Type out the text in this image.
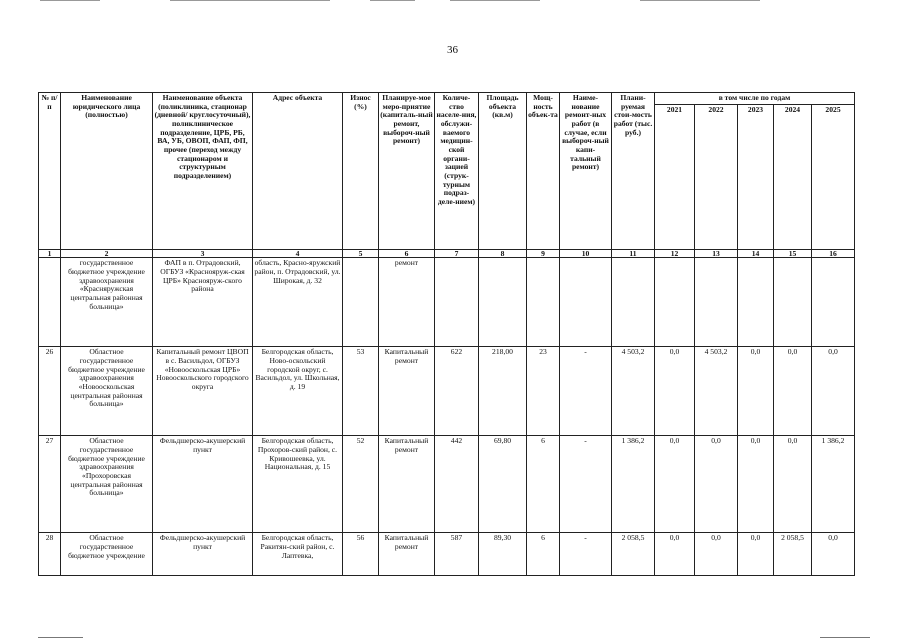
36
№ п/п	Наименование юридического лица (полностью)	Наименование объекта (поликлиника, стационар (дневной/ круглосуточный), поликлиническое подразделение, ЦРБ, РБ, ВА, УБ, ОВОП, ФАП, ФП, прочее (переход между стационаром и структурным подразделением)	Адрес объекта	Износ (%)	Планируе-мое меро-приятие (капиталь-ный ремонт, выбороч-ный ремонт)	Количе-ство населе-ния, обслужи-ваемого медицин-ской органи-зацией (струк-турным подраз-деле-нием)	Площадь объекта (кв.м)	Мощ-ность объек-та	Наиме-нование ремонт-ных работ (в случае, если выбороч-ный капи-тальный ремонт)	Плани-руемая стои-мость работ (тыс. руб.)	в том числе по годам				
											2021	2022	2023	2024	2025
1	2	3	4	5	6	7	8	9	10	11	12	13	14	15	16
	государственное бюджетное учреждение здравоохранения «Красняружская центральная районная больница»	ФАП в п. Отрадовский, ОГБУЗ «Краснояруж-ская ЦРБ» Краснояруж-ского района	область, Красно-яружский район, п. Отрадовский, ул. Широкая, д. 32		ремонт										
26	Областное государственное бюджетное учреждение здравоохранения «Новооскольская центральная районная больница»	Капитальный ремонт ЦВОП в с. Васильдол, ОГБУЗ «Новооскольская ЦРБ» Новооскольского городского округа	Белгородская область, Ново-оскольский городской округ, с. Васильдол, ул. Школьная, д. 19	53	Капитальный ремонт	622	218,00	23	-	4 503,2	0,0	4 503,2	0,0	0,0	0,0
27	Областное государственное бюджетное учреждение здравоохранения «Прохоровская центральная районная больница»	Фельдшерско-акушерский пункт	Белгородская область, Прохоров-ский район, с. Кривошеевка, ул. Национальная, д. 15	52	Капитальный ремонт	442	69,80	6	-	1 386,2	0,0	0,0	0,0	0,0	1 386,2
28	Областное государственное бюджетное учреждение	Фельдшерско-акушерский пункт	Белгородская область, Ракитян-ский район, с. Лаптевка,	56	Капитальный ремонт	587	89,30	6	-	2 058,5	0,0	0,0	0,0	2 058,5	0,0
